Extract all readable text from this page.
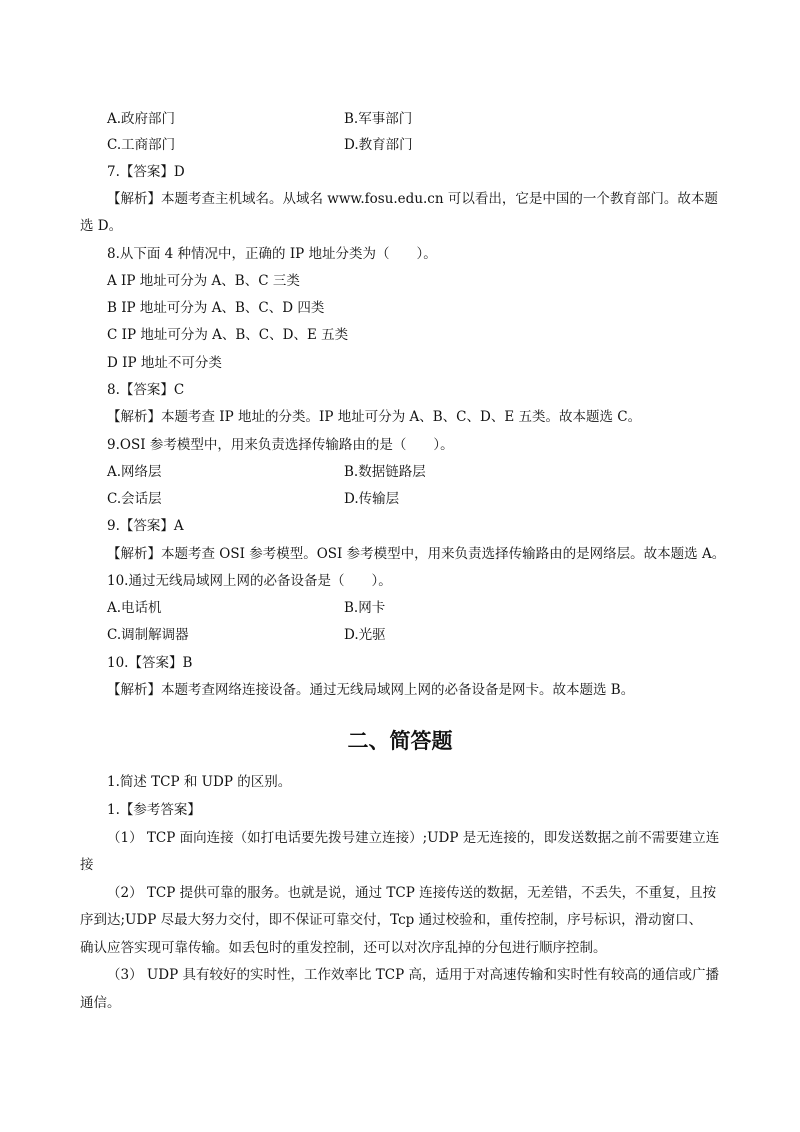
A.政府部门	B.军事部门
C.工商部门	D.教育部门
7.【答案】D
【解析】本题考查主机域名。从域名 www.fosu.edu.cn 可以看出，它是中国的一个教育部门。故本题
选 D。
8.从下面 4 种情况中，正确的 IP 地址分类为（　　）。
A IP 地址可分为 A、B、C 三类
B IP 地址可分为 A、B、C、D 四类
C IP 地址可分为 A、B、C、D、E 五类
D IP 地址不可分类
8.【答案】C
【解析】本题考查 IP 地址的分类。IP 地址可分为 A、B、C、D、E 五类。故本题选 C。
9.OSI 参考模型中，用来负责选择传输路由的是（　　）。
A.网络层	B.数据链路层
C.会话层	D.传输层
9.【答案】A
【解析】本题考查 OSI 参考模型。OSI 参考模型中，用来负责选择传输路由的是网络层。故本题选 A。
10.通过无线局域网上网的必备设备是（　　）。
A.电话机	B.网卡
C.调制解调器	D.光驱
10.【答案】B
【解析】本题考查网络连接设备。通过无线局域网上网的必备设备是网卡。故本题选 B。
二、简答题
1.简述 TCP 和 UDP 的区别。
1.【参考答案】
（1） TCP 面向连接（如打电话要先拨号建立连接）;UDP 是无连接的，即发送数据之前不需要建立连
接
（2） TCP 提供可靠的服务。也就是说，通过 TCP 连接传送的数据，无差错，不丢失，不重复，且按
序到达;UDP 尽最大努力交付，即不保证可靠交付，Tcp 通过校验和，重传控制，序号标识，滑动窗口、
确认应答实现可靠传输。如丢包时的重发控制，还可以对次序乱掉的分包进行顺序控制。
（3） UDP 具有较好的实时性，工作效率比 TCP 高，适用于对高速传输和实时性有较高的通信或广播
通信。
